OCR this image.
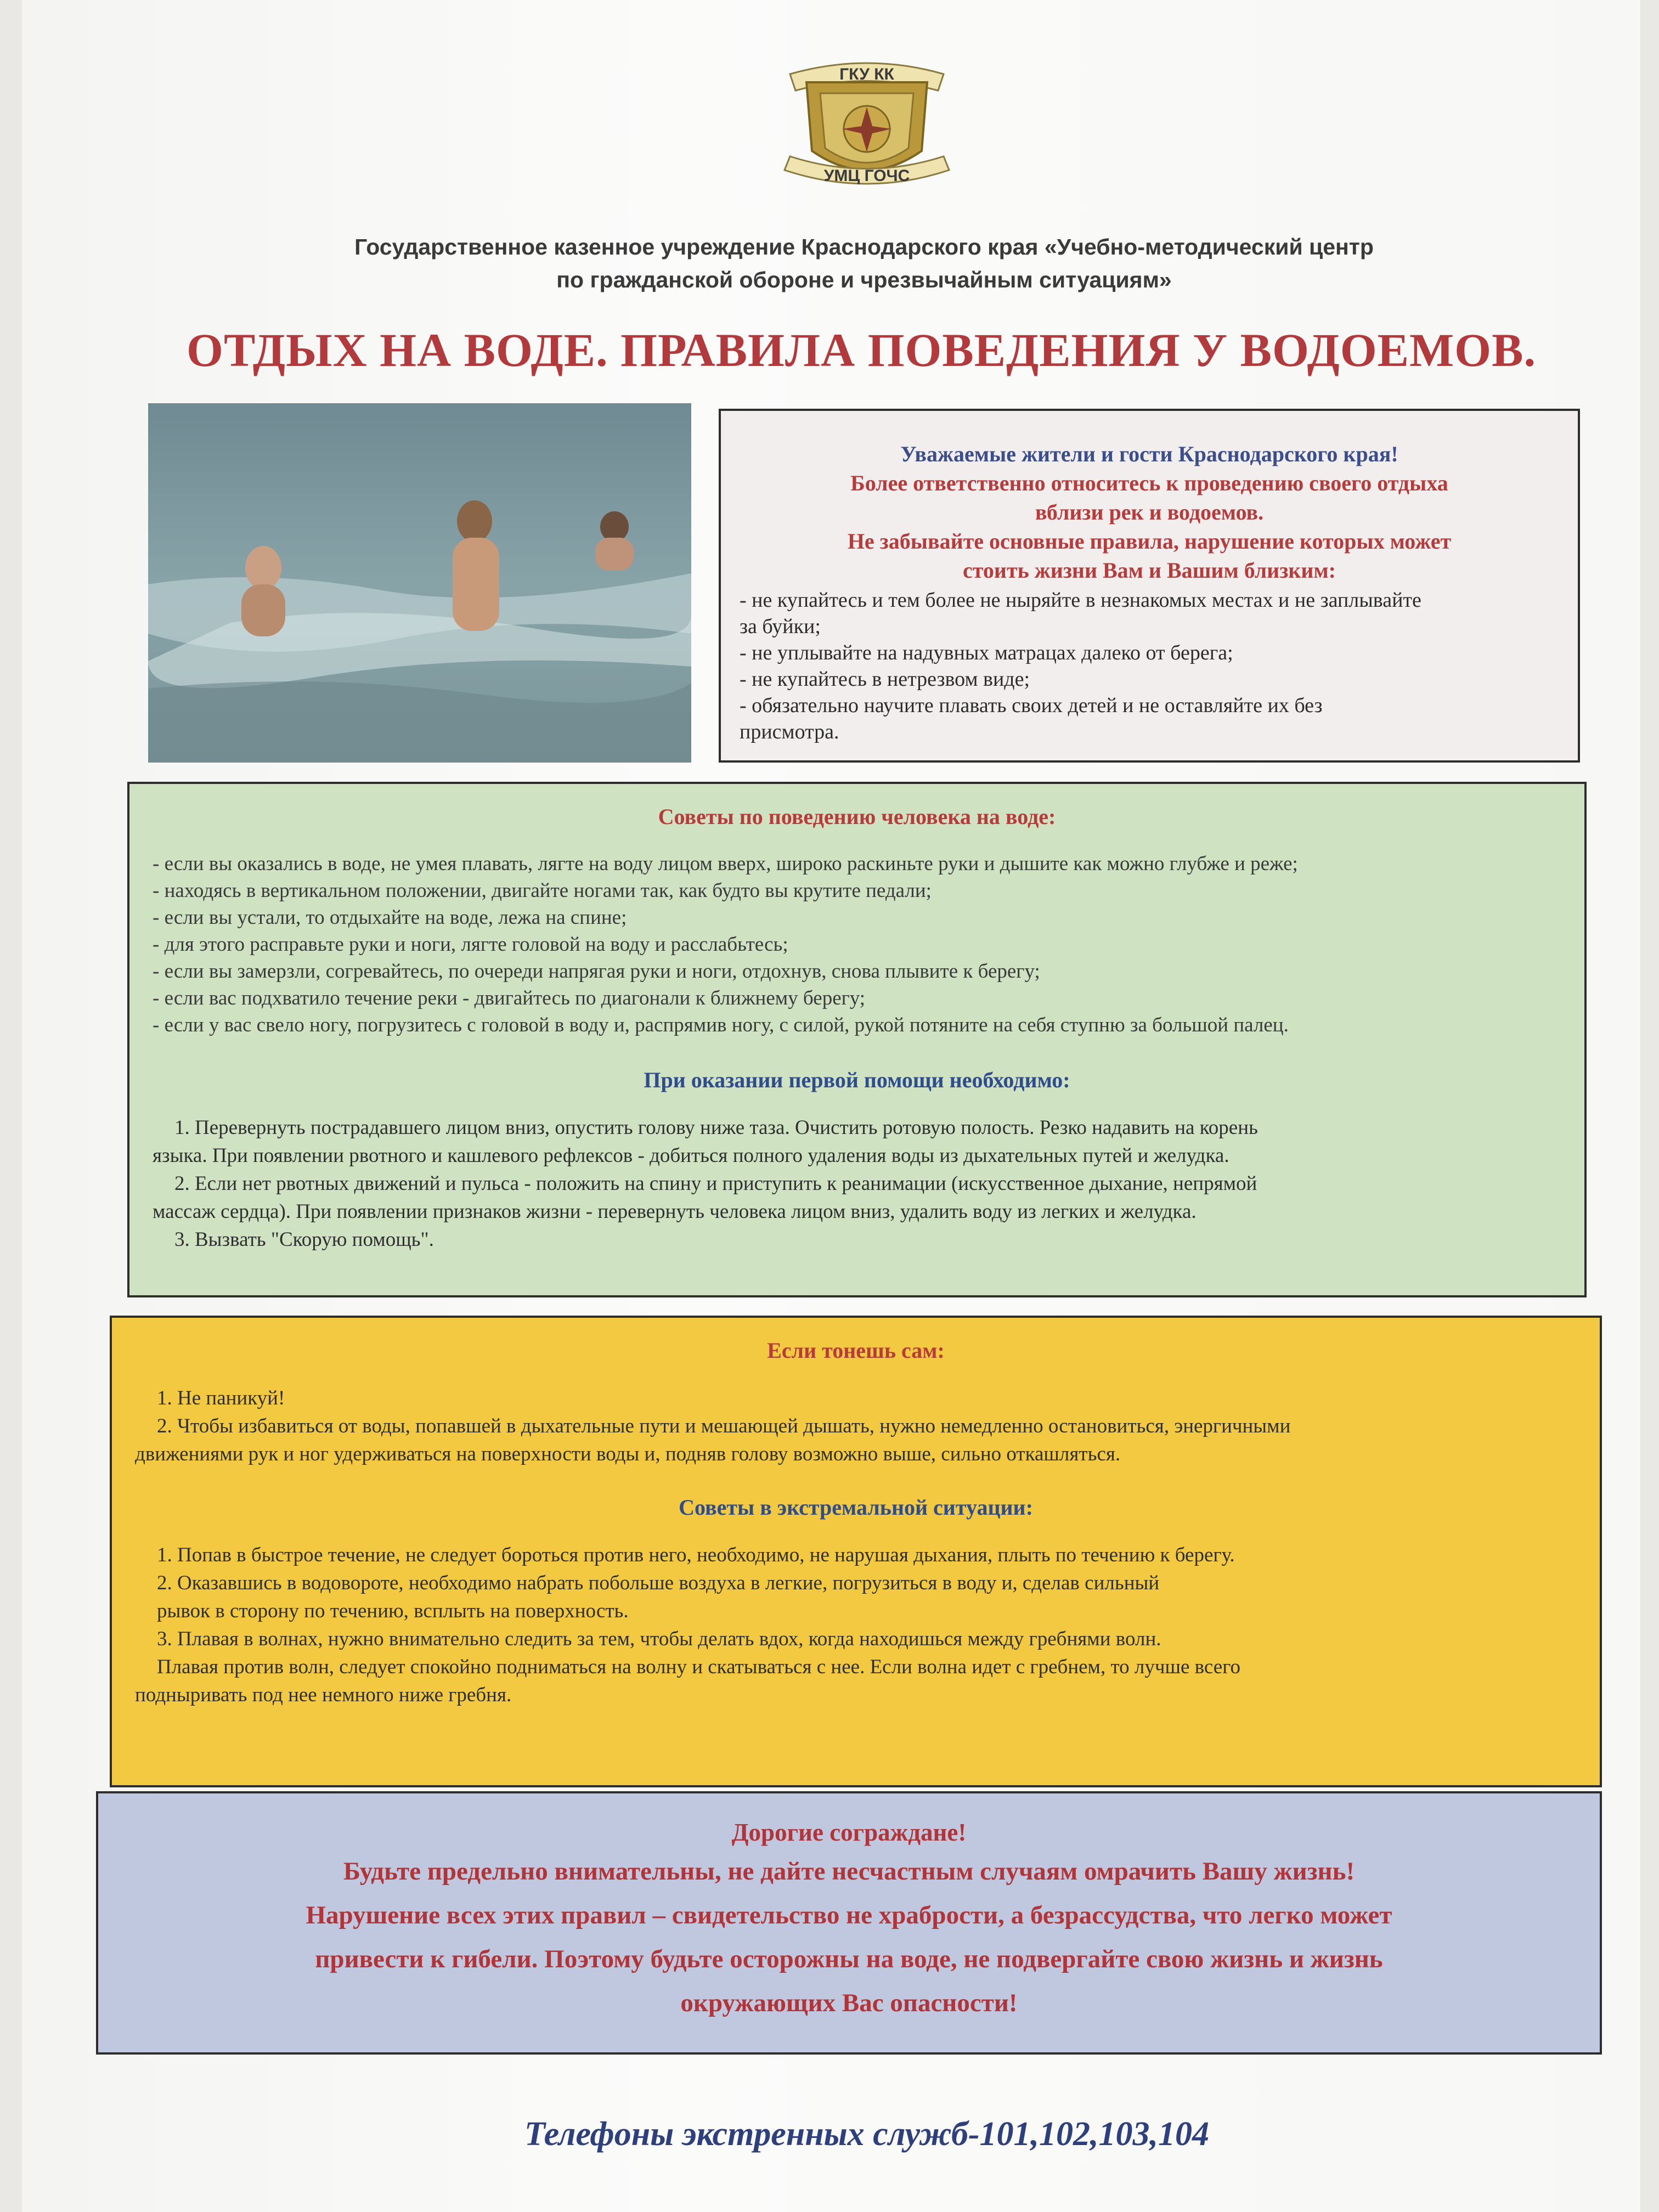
ГКУ КК
УМЦ ГОЧС
Государственное казенное учреждение Краснодарского края «Учебно-методический центр
по гражданской обороне и чрезвычайным ситуациям»
ОТДЫХ НА ВОДЕ. ПРАВИЛА ПОВЕДЕНИЯ У ВОДОЕМОВ.
Уважаемые жители и гости Краснодарского края!
Более ответственно относитесь к проведению своего отдыха
вблизи рек и водоемов.
Не забывайте основные правила, нарушение которых может
стоить жизни Вам и Вашим близким:
- не купайтесь и тем более не ныряйте в незнакомых местах и не заплывайте
за буйки;
- не уплывайте на надувных матрацах далеко от берега;
- не купайтесь в нетрезвом виде;
- обязательно научите плавать своих детей и не оставляйте их без
присмотра.
Советы по поведению человека на воде:
- если вы оказались в воде, не умея плавать, лягте на воду лицом вверх, широко раскиньте руки и дышите как можно глубже и реже;
- находясь в вертикальном положении, двигайте ногами так, как будто вы крутите педали;
- если вы устали, то отдыхайте на воде, лежа на спине;
- для этого расправьте руки и ноги, лягте головой на воду и расслабьтесь;
- если вы замерзли, согревайтесь, по очереди напрягая руки и ноги, отдохнув, снова плывите к берегу;
- если вас подхватило течение реки - двигайтесь по диагонали к ближнему берегу;
- если у вас свело ногу, погрузитесь с головой в воду и, распрямив ногу, с силой, рукой потяните на себя ступню за большой палец.
При оказании первой помощи необходимо:
1. Перевернуть пострадавшего лицом вниз, опустить голову ниже таза. Очистить ротовую полость. Резко надавить на корень
языка. При появлении рвотного и кашлевого рефлексов - добиться полного удаления воды из дыхательных путей и желудка.
2. Если нет рвотных движений и пульса - положить на спину и приступить к реанимации (искусственное дыхание, непрямой
массаж сердца). При появлении признаков жизни - перевернуть человека лицом вниз, удалить воду из легких и желудка.
3. Вызвать "Скорую помощь".
Если тонешь сам:
1. Не паникуй!
2. Чтобы избавиться от воды, попавшей в дыхательные пути и мешающей дышать, нужно немедленно остановиться, энергичными
движениями рук и ног удерживаться на поверхности воды и, подняв голову возможно выше, сильно откашляться.
Советы в экстремальной ситуации:
1. Попав в быстрое течение, не следует бороться против него, необходимо, не нарушая дыхания, плыть по течению к берегу.
2. Оказавшись в водовороте, необходимо набрать побольше воздуха в легкие, погрузиться в воду и, сделав сильный
рывок в сторону по течению, всплыть на поверхность.
3. Плавая в волнах, нужно внимательно следить за тем, чтобы делать вдох, когда находишься между гребнями волн.
Плавая против волн, следует спокойно подниматься на волну и скатываться с нее. Если волна идет с гребнем, то лучше всего
подныривать под нее немного ниже гребня.
Дорогие сограждане!
Будьте предельно внимательны, не дайте несчастным случаям омрачить Вашу жизнь!
Нарушение всех этих правил – свидетельство не храбрости, а безрассудства, что легко может
привести к гибели. Поэтому будьте осторожны на воде, не подвергайте свою жизнь и жизнь
окружающих Вас опасности!
Телефоны экстренных служб-101,102,103,104
